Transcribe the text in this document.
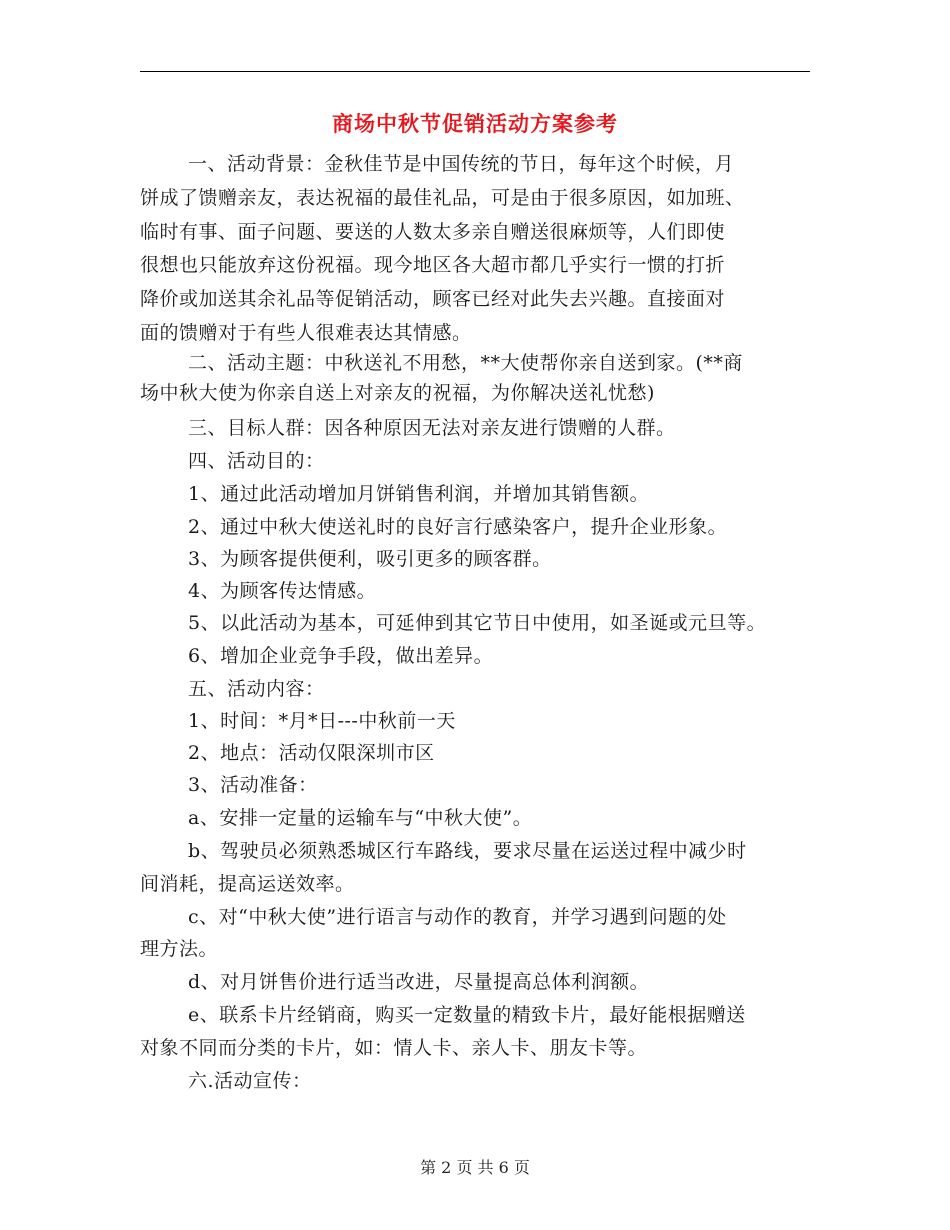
商场中秋节促销活动方案参考
一、活动背景：金秋佳节是中国传统的节日，每年这个时候，月
饼成了馈赠亲友，表达祝福的最佳礼品，可是由于很多原因，如加班、
临时有事、面子问题、要送的人数太多亲自赠送很麻烦等，人们即使
很想也只能放弃这份祝福。现今地区各大超市都几乎实行一惯的打折
降价或加送其余礼品等促销活动，顾客已经对此失去兴趣。直接面对
面的馈赠对于有些人很难表达其情感。
二、活动主题：中秋送礼不用愁，**大使帮你亲自送到家。(**商
场中秋大使为你亲自送上对亲友的祝福，为你解决送礼忧愁)
三、目标人群：因各种原因无法对亲友进行馈赠的人群。
四、活动目的：
1、通过此活动增加月饼销售利润，并增加其销售额。
2、通过中秋大使送礼时的良好言行感染客户，提升企业形象。
3、为顾客提供便利，吸引更多的顾客群。
4、为顾客传达情感。
5、以此活动为基本，可延伸到其它节日中使用，如圣诞或元旦等。
6、增加企业竞争手段，做出差异。
五、活动内容：
1、时间：*月*日---中秋前一天
2、地点：活动仅限深圳市区
3、活动准备：
a、安排一定量的运输车与“中秋大使”。
b、驾驶员必须熟悉城区行车路线，要求尽量在运送过程中减少时
间消耗，提高运送效率。
c、对“中秋大使”进行语言与动作的教育，并学习遇到问题的处
理方法。
d、对月饼售价进行适当改进，尽量提高总体利润额。
e、联系卡片经销商，购买一定数量的精致卡片，最好能根据赠送
对象不同而分类的卡片，如：情人卡、亲人卡、朋友卡等。
六.活动宣传：
第 2 页 共 6 页
